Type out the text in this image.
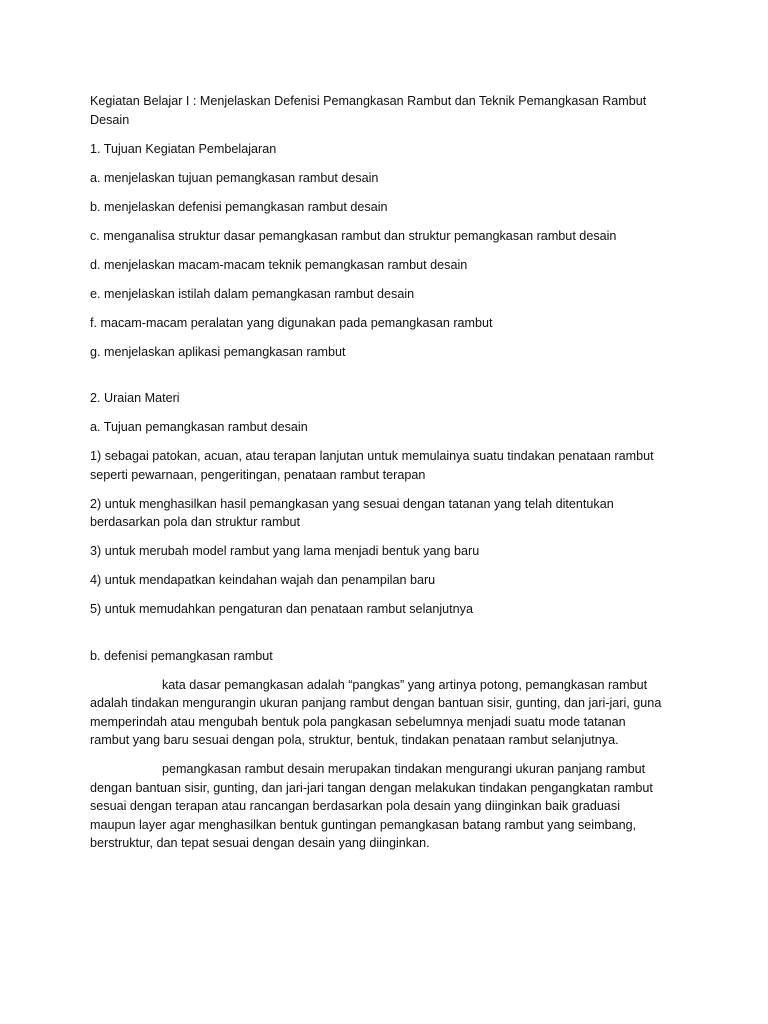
Kegiatan Belajar I : Menjelaskan Defenisi Pemangkasan Rambut dan Teknik Pemangkasan Rambut Desain

1. Tujuan Kegiatan Pembelajaran

a. menjelaskan tujuan pemangkasan rambut desain

b. menjelaskan defenisi pemangkasan rambut desain

c. menganalisa struktur dasar pemangkasan rambut dan struktur pemangkasan rambut desain

d. menjelaskan macam-macam teknik pemangkasan rambut desain

e. menjelaskan istilah dalam pemangkasan rambut desain

f. macam-macam peralatan yang digunakan pada pemangkasan rambut

g. menjelaskan aplikasi pemangkasan rambut

2. Uraian Materi

a. Tujuan pemangkasan rambut desain

1) sebagai patokan, acuan, atau terapan lanjutan untuk memulainya suatu tindakan penataan rambut seperti pewarnaan, pengeritingan, penataan rambut terapan

2) untuk menghasilkan hasil pemangkasan yang sesuai dengan tatanan yang telah ditentukan berdasarkan pola dan struktur rambut

3) untuk merubah model rambut yang lama menjadi bentuk yang baru

4) untuk mendapatkan keindahan wajah dan penampilan baru

5) untuk memudahkan pengaturan dan penataan rambut selanjutnya

b. defenisi pemangkasan rambut

kata dasar pemangkasan adalah “pangkas” yang artinya potong, pemangkasan rambut adalah tindakan mengurangin ukuran panjang rambut dengan bantuan sisir, gunting, dan jari-jari, guna memperindah atau mengubah bentuk pola pangkasan sebelumnya menjadi suatu mode tatanan rambut yang baru sesuai dengan pola, struktur, bentuk, tindakan penataan rambut selanjutnya.

pemangkasan rambut desain merupakan tindakan mengurangi ukuran panjang rambut dengan bantuan sisir, gunting, dan jari-jari tangan dengan melakukan tindakan pengangkatan rambut sesuai dengan terapan atau rancangan berdasarkan pola desain yang diinginkan baik graduasi maupun layer agar menghasilkan bentuk guntingan pemangkasan batang rambut yang seimbang, berstruktur, dan tepat sesuai dengan desain yang diinginkan.
